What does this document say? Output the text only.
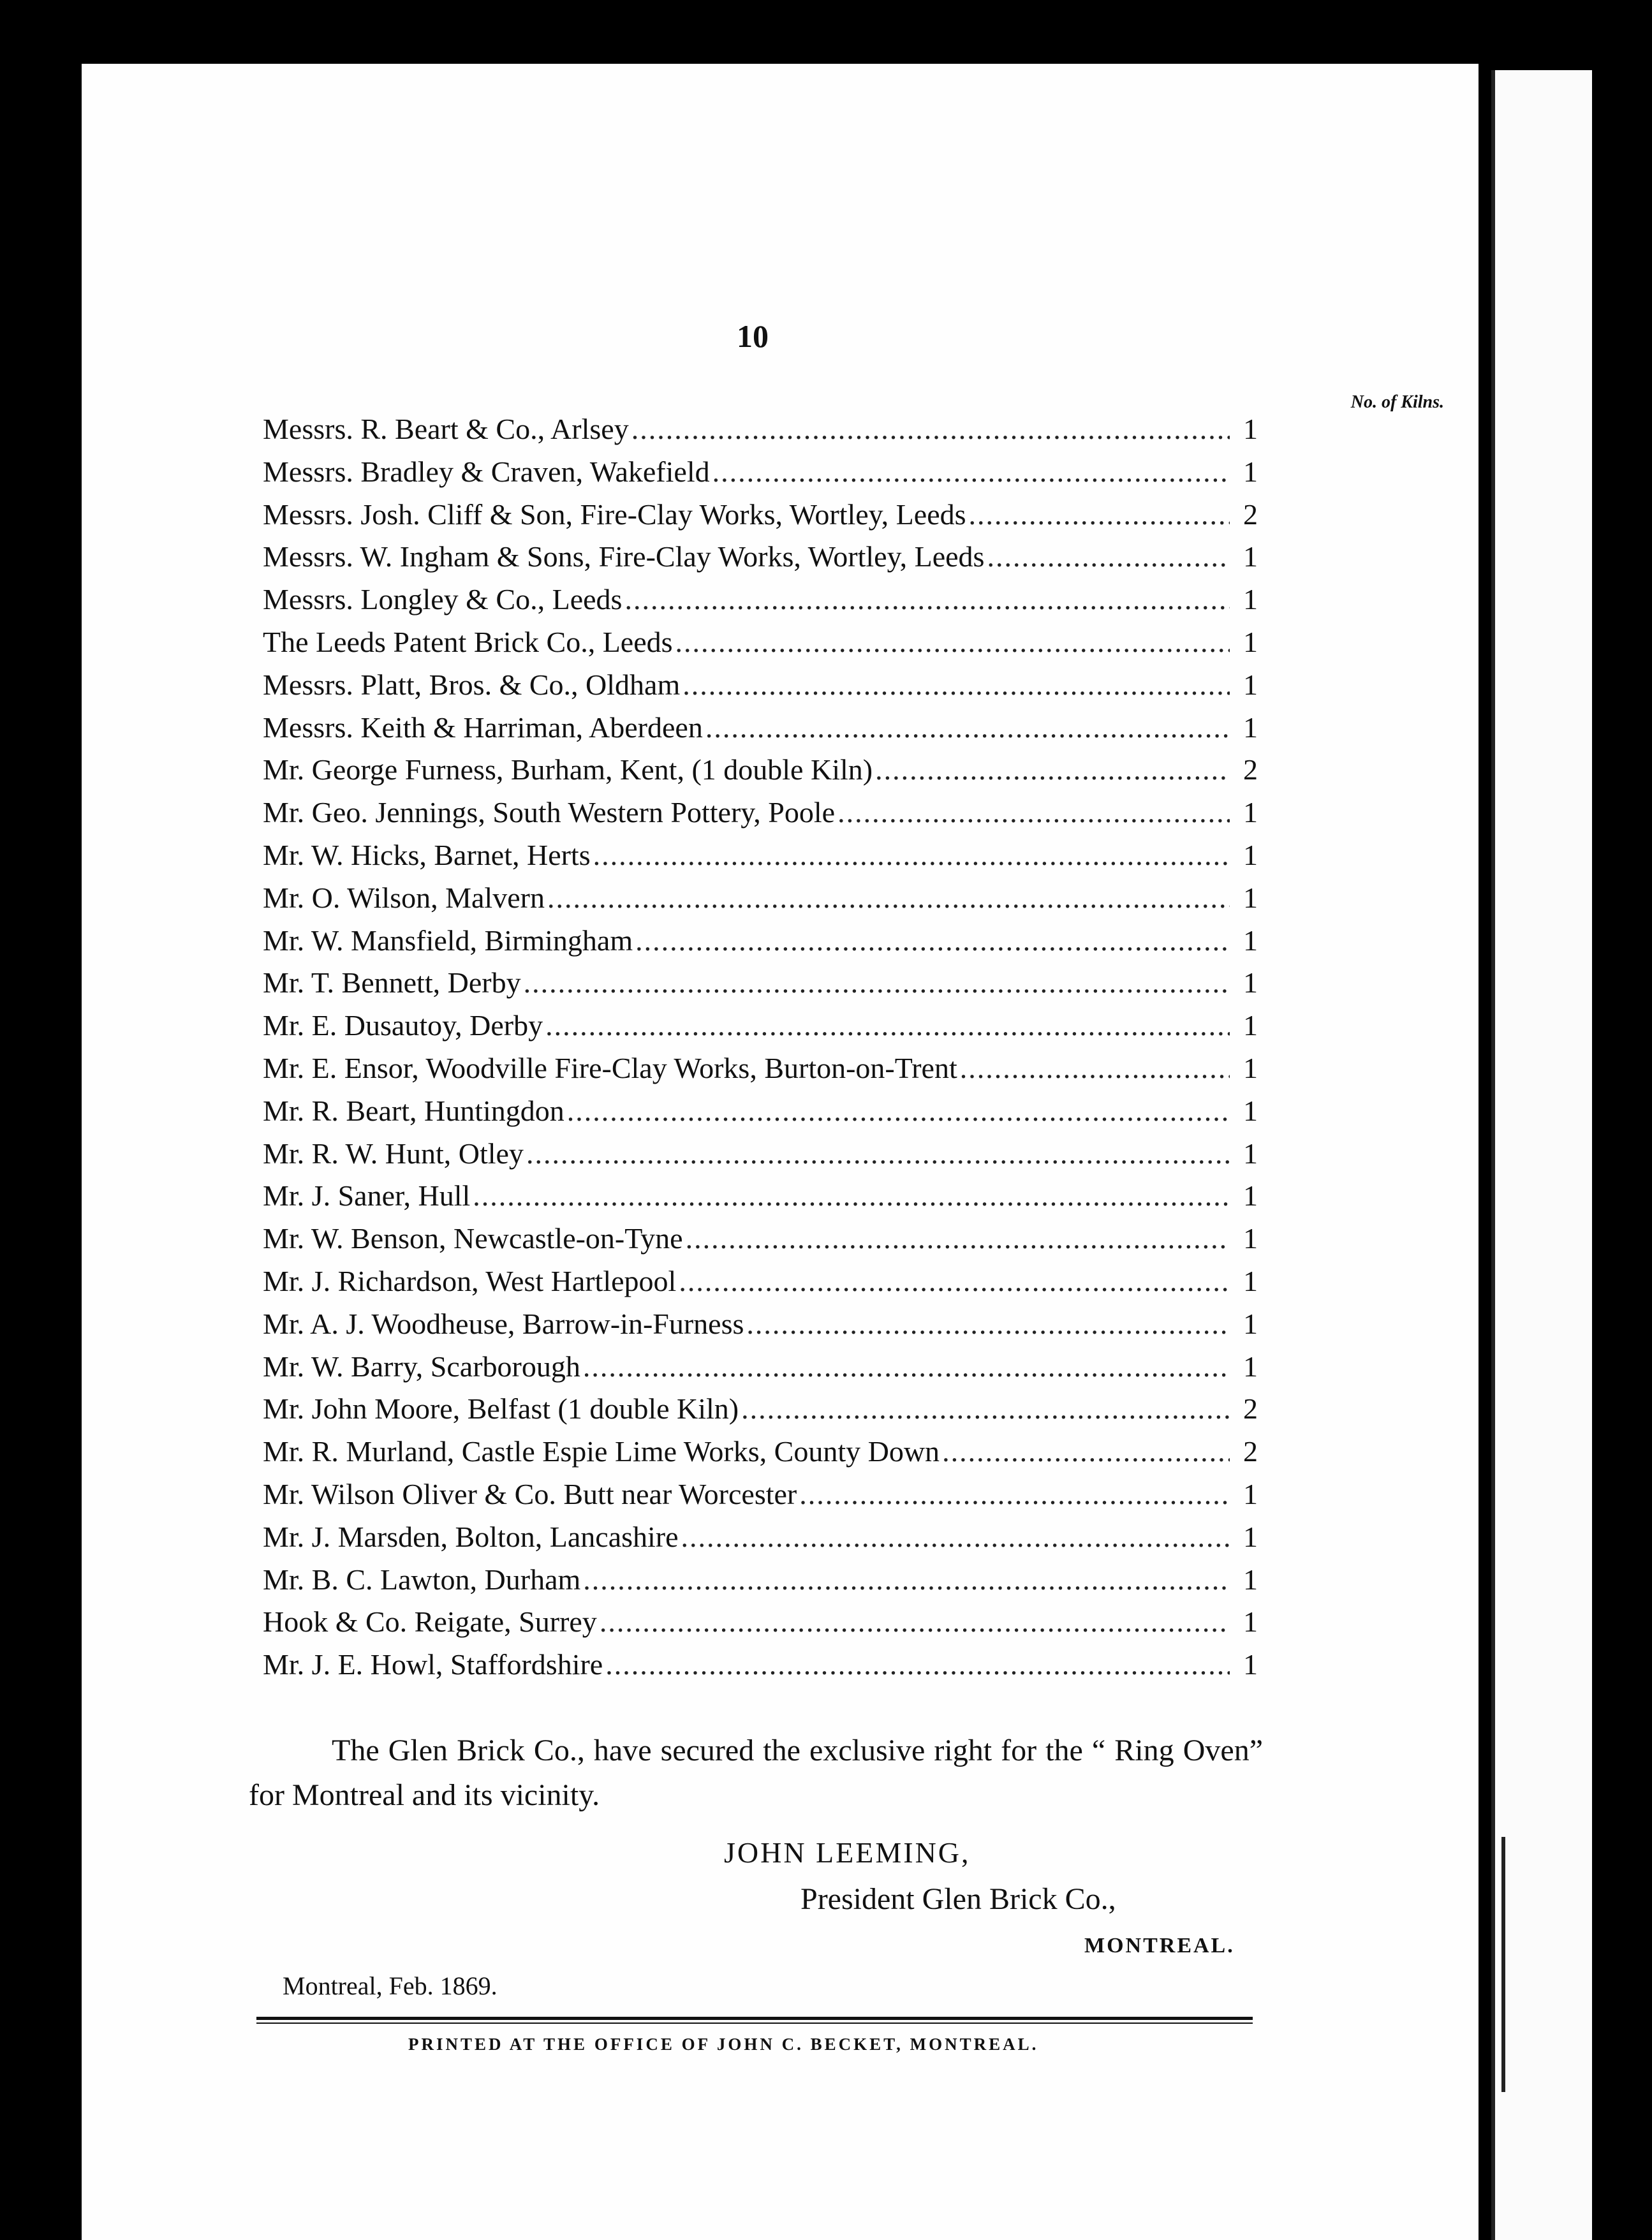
10
No. of Kilns.
Messrs. R. Beart & Co., Arlsey .....	1
Messrs. Bradley & Craven, Wakefield .....	1
Messrs. Josh. Cliff & Son, Fire-Clay Works, Wortley, Leeds .....	2
Messrs. W. Ingham & Sons, Fire-Clay Works, Wortley, Leeds .....	1
Messrs. Longley & Co., Leeds .....	1
The Leeds Patent Brick Co., Leeds .....	1
Messrs. Platt, Bros. & Co., Oldham .....	1
Messrs. Keith & Harriman, Aberdeen .....	1
Mr. George Furness, Burham, Kent, (1 double Kiln) .....	2
Mr. Geo. Jennings, South Western Pottery, Poole .....	1
Mr. W. Hicks, Barnet, Herts .....	1
Mr. O. Wilson, Malvern .....	1
Mr. W. Mansfield, Birmingham .....	1
Mr. T. Bennett, Derby .....	1
Mr. E. Dusautoy, Derby .....	1
Mr. E. Ensor, Woodville Fire-Clay Works, Burton-on-Trent .....	1
Mr. R. Beart, Huntingdon .....	1
Mr. R. W. Hunt, Otley .....	1
Mr. J. Saner, Hull .....	1
Mr. W. Benson, Newcastle-on-Tyne .....	1
Mr. J. Richardson, West Hartlepool .....	1
Mr. A. J. Woodheuse, Barrow-in-Furness .....	1
Mr. W. Barry, Scarborough .....	1
Mr. John Moore, Belfast (1 double Kiln) .....	2
Mr. R. Murland, Castle Espie Lime Works, County Down .....	2
Mr. Wilson Oliver & Co. Butt near Worcester .....	1
Mr. J. Marsden, Bolton, Lancashire .....	1
Mr. B. C. Lawton, Durham .....	1
Hook & Co. Reigate, Surrey .....	1
Mr. J. E. Howl, Staffordshire .....	1

The Glen Brick Co., have secured the exclusive right for the “ Ring Oven” for Montreal and its vicinity.

JOHN LEEMING,
President Glen Brick Co.,
MONTREAL.
Montreal, Feb. 1869.
PRINTED AT THE OFFICE OF JOHN C. BECKET, MONTREAL.
